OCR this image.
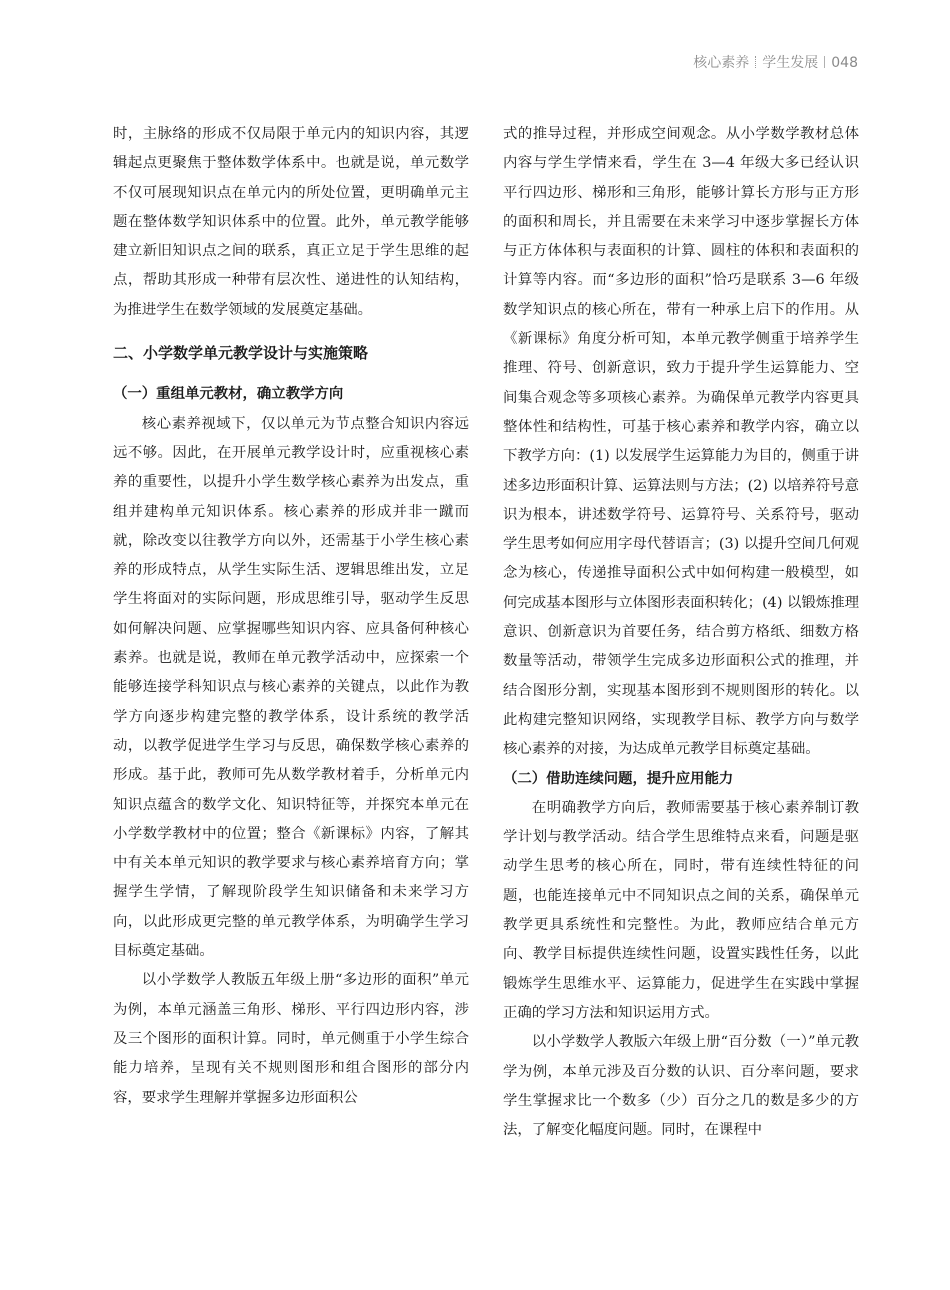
核心素养 学生发展 048

时，主脉络的形成不仅局限于单元内的知识内容，其逻辑起点更聚焦于整体数学体系中。也就是说，单元数学不仅可展现知识点在单元内的所处位置，更明确单元主题在整体数学知识体系中的位置。此外，单元教学能够建立新旧知识点之间的联系，真正立足于学生思维的起点，帮助其形成一种带有层次性、递进性的认知结构，为推进学生在数学领域的发展奠定基础。

二、小学数学单元教学设计与实施策略

（一）重组单元教材，确立教学方向

核心素养视域下，仅以单元为节点整合知识内容远远不够。因此，在开展单元教学设计时，应重视核心素养的重要性，以提升小学生数学核心素养为出发点，重组并建构单元知识体系。核心素养的形成并非一蹴而就，除改变以往教学方向以外，还需基于小学生核心素养的形成特点，从学生实际生活、逻辑思维出发，立足学生将面对的实际问题，形成思维引导，驱动学生反思如何解决问题、应掌握哪些知识内容、应具备何种核心素养。也就是说，教师在单元教学活动中，应探索一个能够连接学科知识点与核心素养的关键点，以此作为教学方向逐步构建完整的教学体系，设计系统的教学活动，以教学促进学生学习与反思，确保数学核心素养的形成。基于此，教师可先从数学教材着手，分析单元内知识点蕴含的数学文化、知识特征等，并探究本单元在小学数学教材中的位置；整合《新课标》内容，了解其中有关本单元知识的教学要求与核心素养培育方向；掌握学生学情，了解现阶段学生知识储备和未来学习方向，以此形成更完整的单元教学体系，为明确学生学习目标奠定基础。

以小学数学人教版五年级上册“多边形的面积”单元为例，本单元涵盖三角形、梯形、平行四边形内容，涉及三个图形的面积计算。同时，单元侧重于小学生综合能力培养，呈现有关不规则图形和组合图形的部分内容，要求学生理解并掌握多边形面积公

式的推导过程，并形成空间观念。从小学数学教材总体内容与学生学情来看，学生在 3—4 年级大多已经认识平行四边形、梯形和三角形，能够计算长方形与正方形的面积和周长，并且需要在未来学习中逐步掌握长方体与正方体体积与表面积的计算、圆柱的体积和表面积的计算等内容。而“多边形的面积”恰巧是联系 3—6 年级数学知识点的核心所在，带有一种承上启下的作用。从《新课标》角度分析可知，本单元教学侧重于培养学生推理、符号、创新意识，致力于提升学生运算能力、空间集合观念等多项核心素养。为确保单元教学内容更具整体性和结构性，可基于核心素养和教学内容，确立以下教学方向：(1) 以发展学生运算能力为目的，侧重于讲述多边形面积计算、运算法则与方法；(2) 以培养符号意识为根本，讲述数学符号、运算符号、关系符号，驱动学生思考如何应用字母代替语言；(3) 以提升空间几何观念为核心，传递推导面积公式中如何构建一般模型，如何完成基本图形与立体图形表面积转化；(4) 以锻炼推理意识、创新意识为首要任务，结合剪方格纸、细数方格数量等活动，带领学生完成多边形面积公式的推理，并结合图形分割，实现基本图形到不规则图形的转化。以此构建完整知识网络，实现教学目标、教学方向与数学核心素养的对接，为达成单元教学目标奠定基础。

（二）借助连续问题，提升应用能力

在明确教学方向后，教师需要基于核心素养制订教学计划与教学活动。结合学生思维特点来看，问题是驱动学生思考的核心所在，同时，带有连续性特征的问题，也能连接单元中不同知识点之间的关系，确保单元教学更具系统性和完整性。为此，教师应结合单元方向、教学目标提供连续性问题，设置实践性任务，以此锻炼学生思维水平、运算能力，促进学生在实践中掌握正确的学习方法和知识运用方式。

以小学数学人教版六年级上册“百分数（一）”单元教学为例，本单元涉及百分数的认识、百分率问题，要求学生掌握求比一个数多（少）百分之几的数是多少的方法，了解变化幅度问题。同时，在课程中
